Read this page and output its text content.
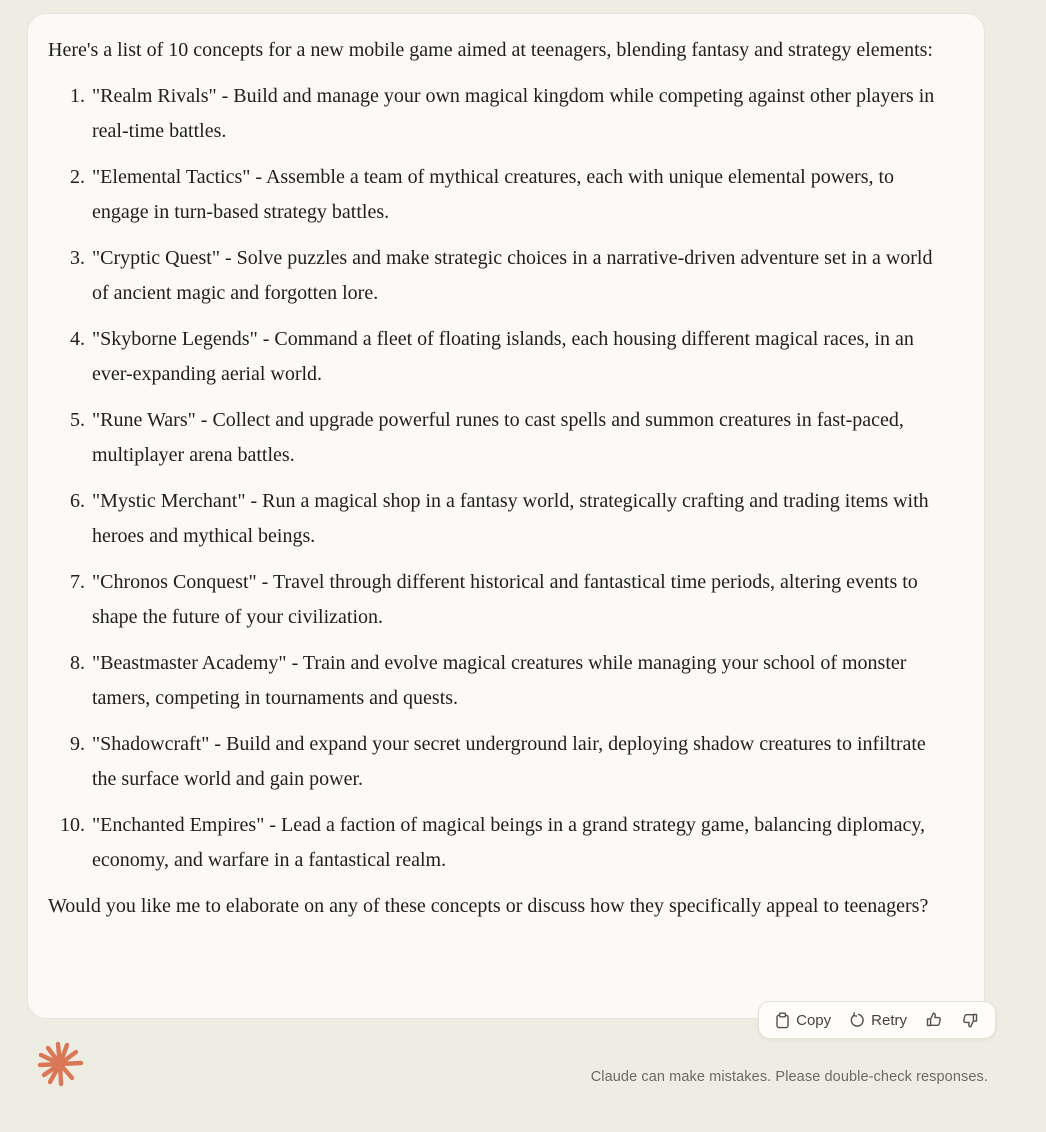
Here's a list of 10 concepts for a new mobile game aimed at teenagers, blending fantasy and strategy elements:

1. "Realm Rivals" - Build and manage your own magical kingdom while competing against other players in real-time battles.
2. "Elemental Tactics" - Assemble a team of mythical creatures, each with unique elemental powers, to engage in turn-based strategy battles.
3. "Cryptic Quest" - Solve puzzles and make strategic choices in a narrative-driven adventure set in a world of ancient magic and forgotten lore.
4. "Skyborne Legends" - Command a fleet of floating islands, each housing different magical races, in an ever-expanding aerial world.
5. "Rune Wars" - Collect and upgrade powerful runes to cast spells and summon creatures in fast-paced, multiplayer arena battles.
6. "Mystic Merchant" - Run a magical shop in a fantasy world, strategically crafting and trading items with heroes and mythical beings.
7. "Chronos Conquest" - Travel through different historical and fantastical time periods, altering events to shape the future of your civilization.
8. "Beastmaster Academy" - Train and evolve magical creatures while managing your school of monster tamers, competing in tournaments and quests.
9. "Shadowcraft" - Build and expand your secret underground lair, deploying shadow creatures to infiltrate the surface world and gain power.
10. "Enchanted Empires" - Lead a faction of magical beings in a grand strategy game, balancing diplomacy, economy, and warfare in a fantastical realm.

Would you like me to elaborate on any of these concepts or discuss how they specifically appeal to teenagers?

Copy	Retry
Claude can make mistakes. Please double-check responses.
